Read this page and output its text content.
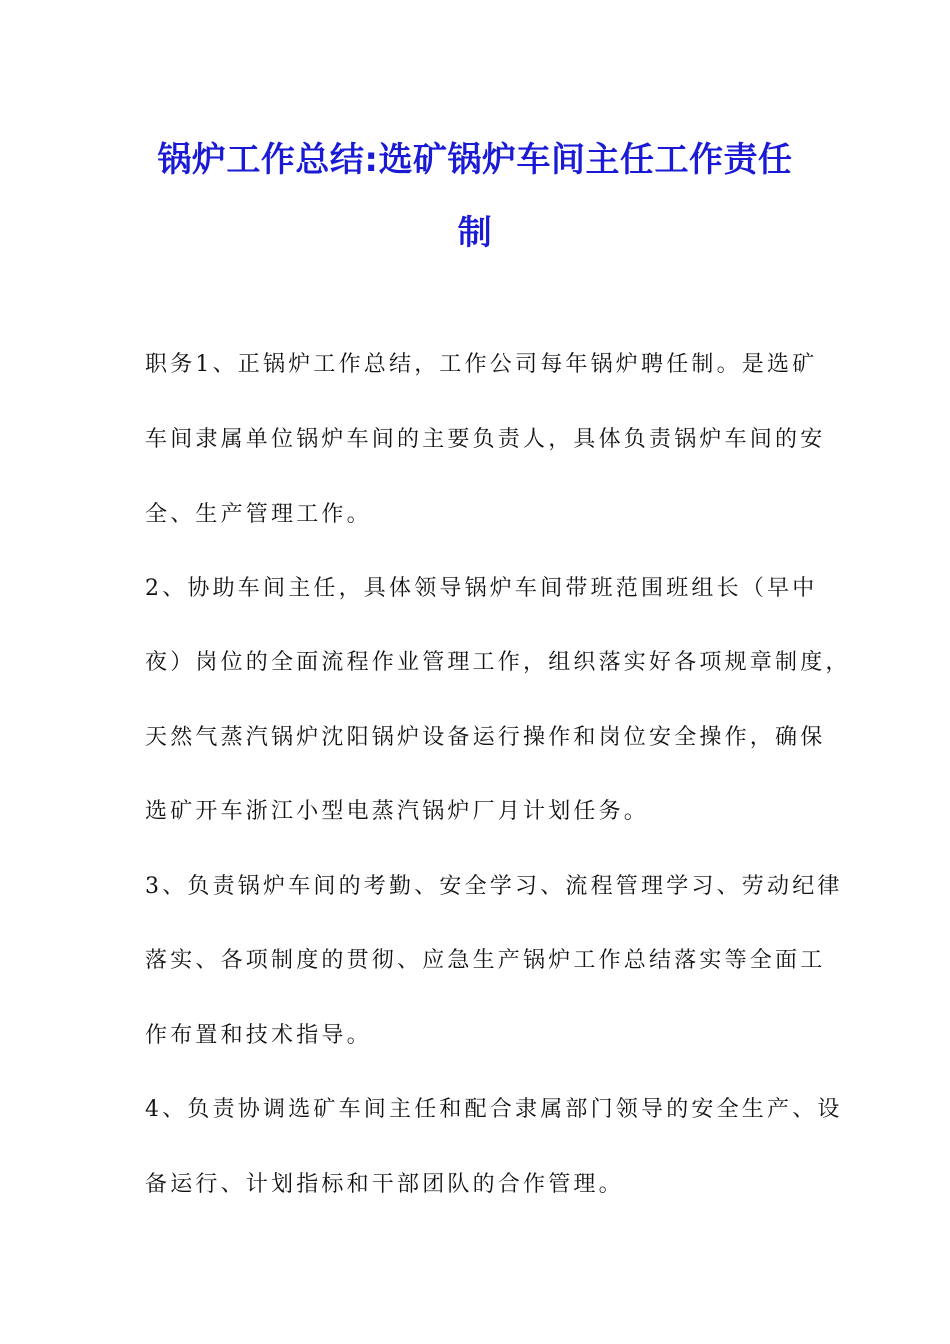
锅炉工作总结:选矿锅炉车间主任工作责任
制

职务1、正锅炉工作总结，工作公司每年锅炉聘任制。是选矿

车间隶属单位锅炉车间的主要负责人，具体负责锅炉车间的安

全、生产管理工作。

2、协助车间主任，具体领导锅炉车间带班范围班组长（早中

夜）岗位的全面流程作业管理工作，组织落实好各项规章制度，

天然气蒸汽锅炉沈阳锅炉设备运行操作和岗位安全操作，确保

选矿开车浙江小型电蒸汽锅炉厂月计划任务。

3、负责锅炉车间的考勤、安全学习、流程管理学习、劳动纪律

落实、各项制度的贯彻、应急生产锅炉工作总结落实等全面工

作布置和技术指导。

4、负责协调选矿车间主任和配合隶属部门领导的安全生产、设

备运行、计划指标和干部团队的合作管理。
